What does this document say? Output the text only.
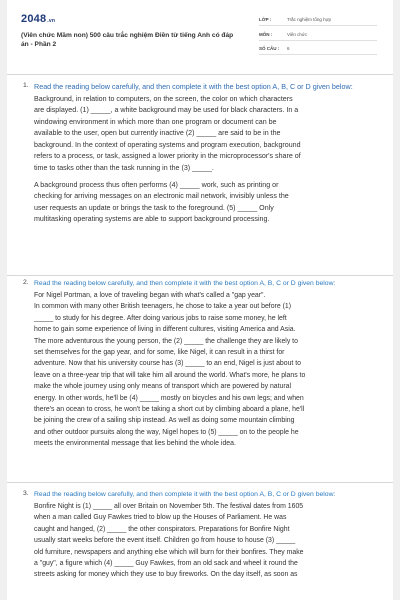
2048.vn
(Viên chức Mầm non) 500 câu trắc nghiệm Điền từ tiếng Anh có đáp án - Phần 2
LỚP :	Trắc nghiệm tổng hợp
MÔN :	Viên chức
SỐ CÂU : 6
1. Read the reading below carefully, and then complete it with the best option A, B, C or D given below:
Background, in relation to computers, on the screen, the color on which characters
are displayed. (1) _____, a white background may be used for black characters. In a
windowing environment in which more than one program or document can be
available to the user, open but currently inactive (2) _____ are said to be in the
background. In the context of operating systems and program execution, background
refers to a process, or task, assigned a lower priority in the microprocessor's share of
time to tasks other than the task running in the (3) _____.
A background process thus often performs (4) _____ work, such as printing or
checking for arriving messages on an electronic mail network, invisibly unless the
user requests an update or brings the task to the foreground. (5) _____ Only
multitasking operating systems are able to support background processing.
2. Read the reading below carefully, and then complete it with the best option A, B, C or D given below:
For Nigel Portman, a love of traveling began with what's called a "gap year".
In common with many other British teenagers, he chose to take a year out before (1)
_____ to study for his degree. After doing various jobs to raise some money, he left
home to gain some experience of living in different cultures, visiting America and Asia.
The more adventurous the young person, the (2) _____ the challenge they are likely to
set themselves for the gap year, and for some, like Nigel, it can result in a thirst for
adventure. Now that his university course has (3) _____ to an end, Nigel is just about to
leave on a three-year trip that will take him all around the world. What's more, he plans to
make the whole journey using only means of transport which are powered by natural
energy. In other words, he'll be (4) _____ mostly on bicycles and his own legs; and when
there's an ocean to cross, he won't be taking a short cut by climbing aboard a plane, he'll
be joining the crew of a sailing ship instead. As well as doing some mountain climbing
and other outdoor pursuits along the way, Nigel hopes to (5) _____ on to the people he
meets the environmental message that lies behind the whole idea.
3. Read the reading below carefully, and then complete it with the best option A, B, C or D given below:
Bonfire Night is (1) _____ all over Britain on November 5th. The festival dates from 1605
when a man called Guy Fawkes tried to blow up the Houses of Parliament. He was
caught and hanged, (2) _____ the other conspirators. Preparations for Bonfire Night
usually start weeks before the event itself. Children go from house to house (3) _____
old furniture, newspapers and anything else which will burn for their bonfires. They make
a "guy", a figure which (4) _____ Guy Fawkes, from an old sack and wheel it round the
streets asking for money which they use to buy fireworks. On the day itself, as soon as
